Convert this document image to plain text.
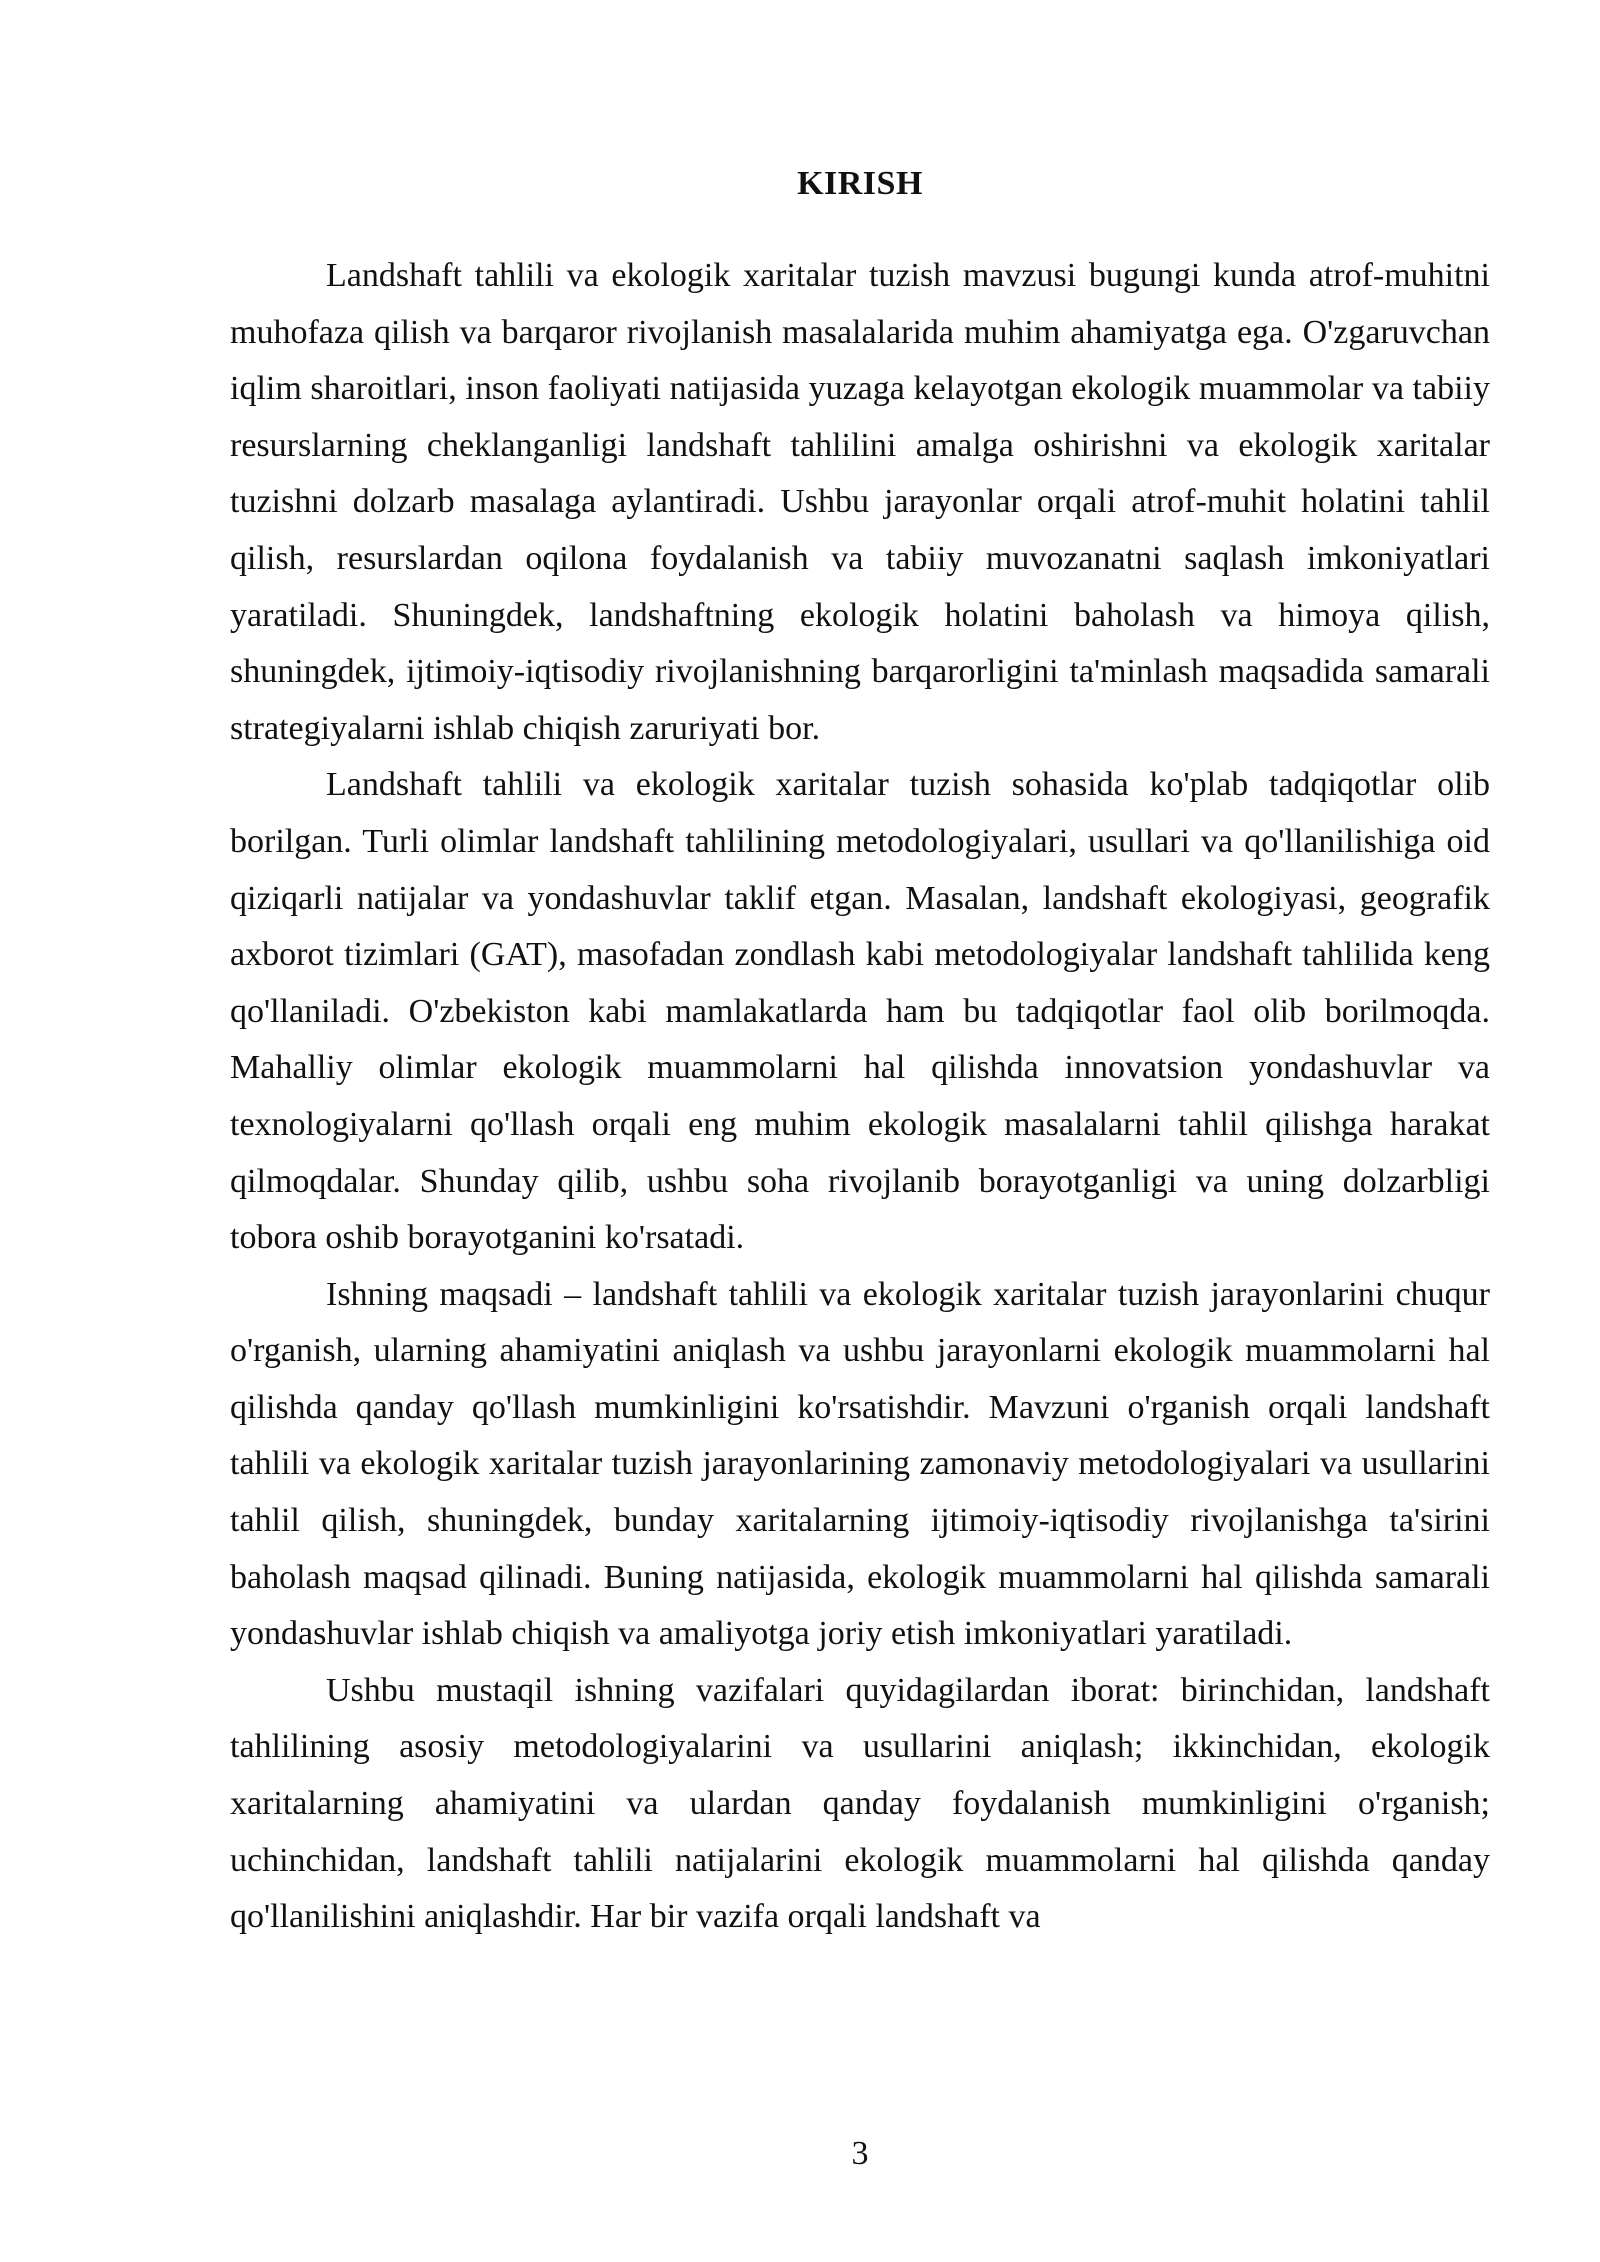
KIRISH

Landshaft tahlili va ekologik xaritalar tuzish mavzusi bugungi kunda atrof-muhitni muhofaza qilish va barqaror rivojlanish masalalarida muhim ahamiyatga ega. O'zgaruvchan iqlim sharoitlari, inson faoliyati natijasida yuzaga kelayotgan ekologik muammolar va tabiiy resurslarning cheklanganligi landshaft tahlilini amalga oshirishni va ekologik xaritalar tuzishni dolzarb masalaga aylantiradi. Ushbu jarayonlar orqali atrof-muhit holatini tahlil qilish, resurslardan oqilona foydalanish va tabiiy muvozanatni saqlash imkoniyatlari yaratiladi. Shuningdek, landshaftning ekologik holatini baholash va himoya qilish, shuningdek, ijtimoiy-iqtisodiy rivojlanishning barqarorligini ta'minlash maqsadida samarali strategiyalarni ishlab chiqish zaruriyati bor.

Landshaft tahlili va ekologik xaritalar tuzish sohasida ko'plab tadqiqotlar olib borilgan. Turli olimlar landshaft tahlilining metodologiyalari, usullari va qo'llanilishiga oid qiziqarli natijalar va yondashuvlar taklif etgan. Masalan, landshaft ekologiyasi, geografik axborot tizimlari (GAT), masofadan zondlash kabi metodologiyalar landshaft tahlilida keng qo'llaniladi. O'zbekiston kabi mamlakatlarda ham bu tadqiqotlar faol olib borilmoqda. Mahalliy olimlar ekologik muammolarni hal qilishda innovatsion yondashuvlar va texnologiyalarni qo'llash orqali eng muhim ekologik masalalarni tahlil qilishga harakat qilmoqdalar. Shunday qilib, ushbu soha rivojlanib borayotganligi va uning dolzarbligi tobora oshib borayotganini ko'rsatadi.

Ishning maqsadi – landshaft tahlili va ekologik xaritalar tuzish jarayonlarini chuqur o'rganish, ularning ahamiyatini aniqlash va ushbu jarayonlarni ekologik muammolarni hal qilishda qanday qo'llash mumkinligini ko'rsatishdir. Mavzuni o'rganish orqali landshaft tahlili va ekologik xaritalar tuzish jarayonlarining zamonaviy metodologiyalari va usullarini tahlil qilish, shuningdek, bunday xaritalarning ijtimoiy-iqtisodiy rivojlanishga ta'sirini baholash maqsad qilinadi. Buning natijasida, ekologik muammolarni hal qilishda samarali yondashuvlar ishlab chiqish va amaliyotga joriy etish imkoniyatlari yaratiladi.

Ushbu mustaqil ishning vazifalari quyidagilardan iborat: birinchidan, landshaft tahlilining asosiy metodologiyalarini va usullarini aniqlash; ikkinchidan, ekologik xaritalarning ahamiyatini va ulardan qanday foydalanish mumkinligini o'rganish; uchinchidan, landshaft tahlili natijalarini ekologik muammolarni hal qilishda qanday qo'llanilishini aniqlashdir. Har bir vazifa orqali landshaft va

3
